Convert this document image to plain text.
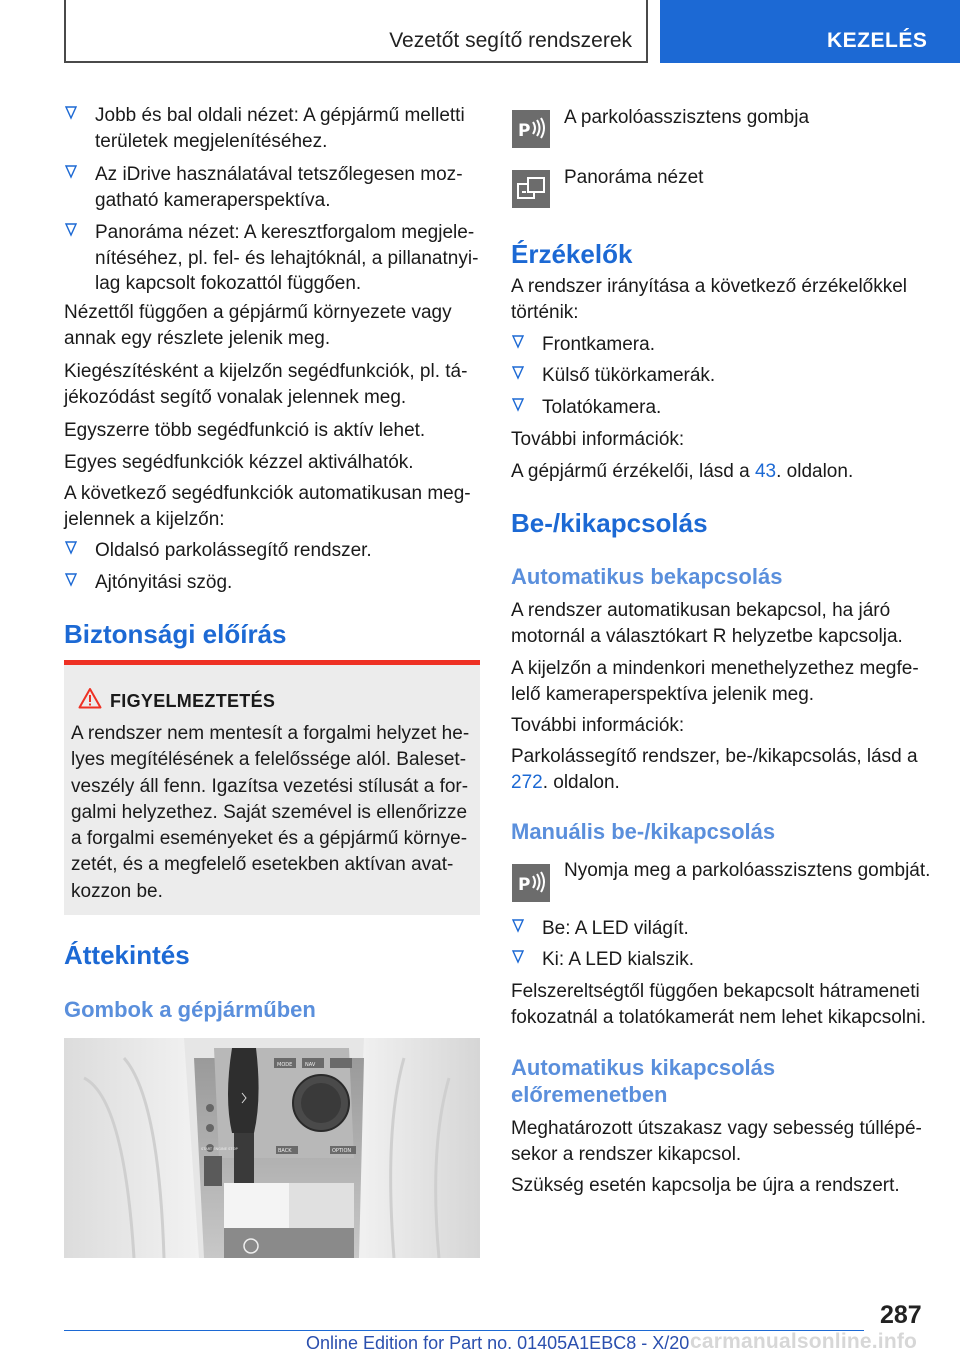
Vezetőt segítő rendszerek	KEZELÉS
Jobb és bal oldali nézet: A gépjármű melletti területek megjelenítéséhez.
Az iDrive használatával tetszőlegesen mozgatható kameraperspektíva.
Panoráma nézet: A keresztforgalom megjelenítéséhez, pl. fel- és lehajtóknál, a pillanatnyilag kapcsolt fokozattól függően.

Nézettől függően a gépjármű környezete vagy annak egy részlete jelenik meg.

Kiegészítésként a kijelzőn segédfunkciók, pl. tájékozódást segítő vonalak jelennek meg.

Egyszerre több segédfunkció is aktív lehet.

Egyes segédfunkciók kézzel aktiválhatók.

A következő segédfunkciók automatikusan megjelennek a kijelzőn:

Oldalsó parkolássegítő rendszer.
Ajtónyitási szög.
Biztonsági előírás
FIGYELMEZTETÉS
A rendszer nem mentesít a forgalmi helyzet helyes megítélésének a felelőssége alól. Balesetveszély áll fenn. Igazítsa vezetési stílusát a forgalmi helyzethez. Saját szemével is ellenőrizze a forgalmi eseményeket és a gépjármű környezetét, és a megfelelő esetekben aktívan avatkozzon be.
Áttekintés
Gombok a gépjárműben
MODE	NAV
BACK	OPTION
START ENGINE STOP
P

A parkolóasszisztens gombja

Panoráma nézet

Érzékelők

A rendszer irányítása a következő érzékelőkkel történik:

Frontkamera.
Külső tükörkamerák.
Tolatókamera.

További információk:

A gépjármű érzékelői, lásd a 43. oldalon.

Be-/kikapcsolás
Automatikus bekapcsolás

A rendszer automatikusan bekapcsol, ha járó motornál a választókart R helyzetbe kapcsolja.

A kijelzőn a mindenkori menethelyzethez megfelelő kameraperspektíva jelenik meg.

További információk:

Parkolássegítő rendszer, be-/kikapcsolás, lásd a 272. oldalon.

Manuális be-/kikapcsolás
P

Nyomja meg a parkolóasszisztens gombját.

Be: A LED világít.
Ki: A LED kialszik.

Felszereltségtől függően bekapcsolt hátrameneti fokozatnál a tolatókamerát nem lehet kikapcsolni.

Automatikus kikapcsolás előremenetben

Meghatározott útszakasz vagy sebesség túllépésekor a rendszer kikapcsol.

Szükség esetén kapcsolja be újra a rendszert.

287
Online Edition for Part no. 01405A1EBC8 - X/20 carmanualsonline.info
